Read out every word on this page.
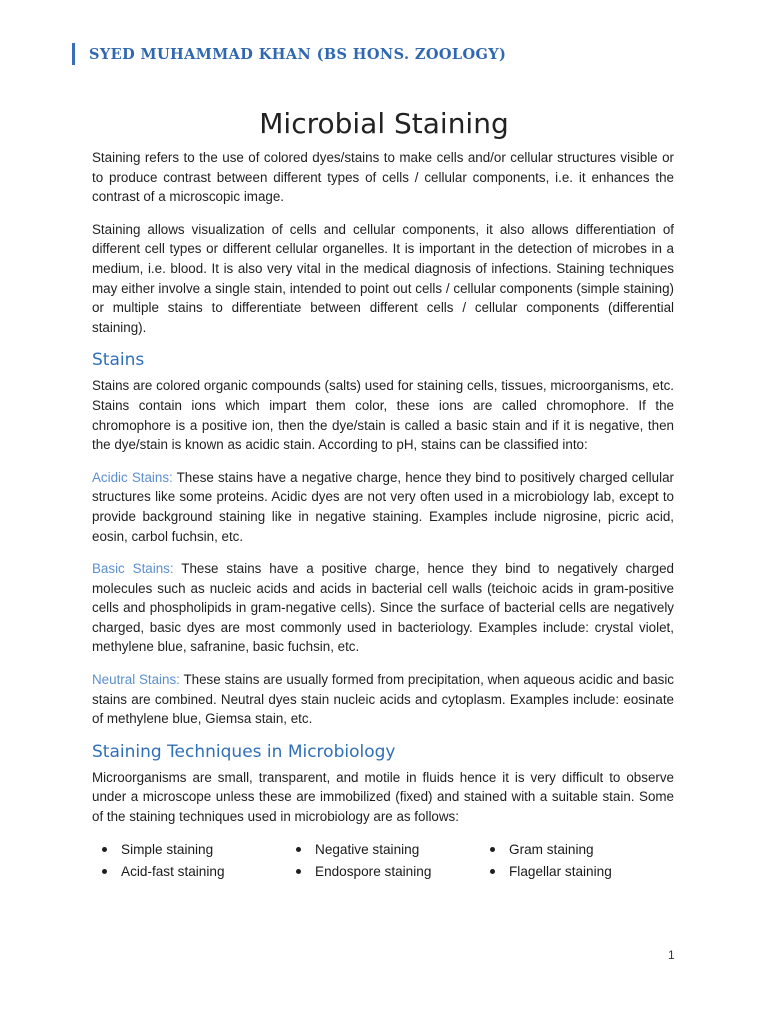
SYED MUHAMMAD KHAN (BS HONS. ZOOLOGY)
Microbial Staining

Staining refers to the use of colored dyes/stains to make cells and/or cellular structures visible or to produce contrast between different types of cells / cellular components, i.e. it enhances the contrast of a microscopic image.

Staining allows visualization of cells and cellular components, it also allows differentiation of different cell types or different cellular organelles. It is important in the detection of microbes in a medium, i.e. blood. It is also very vital in the medical diagnosis of infections. Staining techniques may either involve a single stain, intended to point out cells / cellular components (simple staining) or multiple stains to differentiate between different cells / cellular components (differential staining).

Stains

Stains are colored organic compounds (salts) used for staining cells, tissues, microorganisms, etc. Stains contain ions which impart them color, these ions are called chromophore. If the chromophore is a positive ion, then the dye/stain is called a basic stain and if it is negative, then the dye/stain is known as acidic stain. According to pH, stains can be classified into:

Acidic Stains: These stains have a negative charge, hence they bind to positively charged cellular structures like some proteins. Acidic dyes are not very often used in a microbiology lab, except to provide background staining like in negative staining. Examples include nigrosine, picric acid, eosin, carbol fuchsin, etc.

Basic Stains: These stains have a positive charge, hence they bind to negatively charged molecules such as nucleic acids and acids in bacterial cell walls (teichoic acids in gram-positive cells and phospholipids in gram-negative cells). Since the surface of bacterial cells are negatively charged, basic dyes are most commonly used in bacteriology. Examples include: crystal violet, methylene blue, safranine, basic fuchsin, etc.

Neutral Stains: These stains are usually formed from precipitation, when aqueous acidic and basic stains are combined. Neutral dyes stain nucleic acids and cytoplasm. Examples include: eosinate of methylene blue, Giemsa stain, etc.

Staining Techniques in Microbiology

Microorganisms are small, transparent, and motile in fluids hence it is very difficult to observe under a microscope unless these are immobilized (fixed) and stained with a suitable stain. Some of the staining techniques used in microbiology are as follows:

Simple staining	Negative staining	Gram staining
Acid-fast staining	Endospore staining	Flagellar staining
1
